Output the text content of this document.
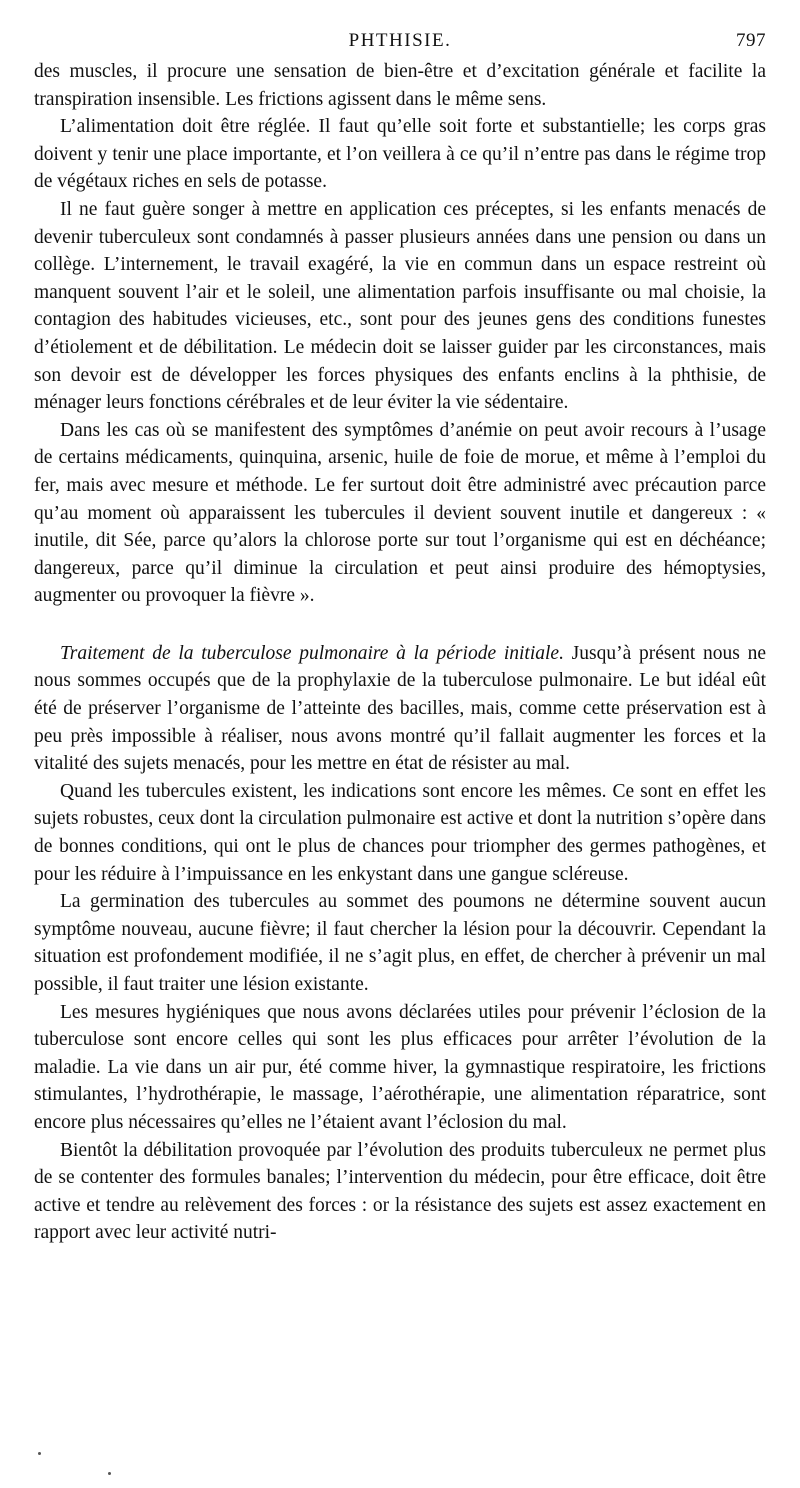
PHTHISIE.	797

des muscles, il procure une sensation de bien-être et d’excitation générale et facilite la transpiration insensible. Les frictions agissent dans le même sens.

L’alimentation doit être réglée. Il faut qu’elle soit forte et substantielle; les corps gras doivent y tenir une place importante, et l’on veillera à ce qu’il n’entre pas dans le régime trop de végétaux riches en sels de potasse.

Il ne faut guère songer à mettre en application ces préceptes, si les enfants menacés de devenir tuberculeux sont condamnés à passer plusieurs années dans une pension ou dans un collège. L’internement, le travail exagéré, la vie en commun dans un espace restreint où manquent souvent l’air et le soleil, une alimentation parfois insuffisante ou mal choisie, la contagion des habitudes vicieuses, etc., sont pour des jeunes gens des conditions funestes d’étiolement et de débilitation. Le médecin doit se laisser guider par les circonstances, mais son devoir est de développer les forces physiques des enfants enclins à la phthisie, de ménager leurs fonctions cérébrales et de leur éviter la vie sédentaire.

Dans les cas où se manifestent des symptômes d’anémie on peut avoir recours à l’usage de certains médicaments, quinquina, arsenic, huile de foie de morue, et même à l’emploi du fer, mais avec mesure et méthode. Le fer surtout doit être administré avec précaution parce qu’au moment où apparaissent les tubercules il devient souvent inutile et dangereux : « inutile, dit Sée, parce qu’alors la chlorose porte sur tout l’organisme qui est en déchéance; dangereux, parce qu’il diminue la circulation et peut ainsi produire des hémoptysies, augmenter ou provoquer la fièvre ».

Traitement de la tuberculose pulmonaire à la période initiale. Jusqu’à présent nous ne nous sommes occupés que de la prophylaxie de la tuberculose pulmonaire. Le but idéal eût été de préserver l’organisme de l’atteinte des bacilles, mais, comme cette préservation est à peu près impossible à réaliser, nous avons montré qu’il fallait augmenter les forces et la vitalité des sujets menacés, pour les mettre en état de résister au mal.

Quand les tubercules existent, les indications sont encore les mêmes. Ce sont en effet les sujets robustes, ceux dont la circulation pulmonaire est active et dont la nutrition s’opère dans de bonnes conditions, qui ont le plus de chances pour triompher des germes pathogènes, et pour les réduire à l’impuissance en les enkystant dans une gangue scléreuse.

La germination des tubercules au sommet des poumons ne détermine souvent aucun symptôme nouveau, aucune fièvre; il faut chercher la lésion pour la découvrir. Cependant la situation est profondement modifiée, il ne s’agit plus, en effet, de chercher à prévenir un mal possible, il faut traiter une lésion existante.

Les mesures hygiéniques que nous avons déclarées utiles pour prévenir l’éclosion de la tuberculose sont encore celles qui sont les plus efficaces pour arrêter l’évolution de la maladie. La vie dans un air pur, été comme hiver, la gymnastique respiratoire, les frictions stimulantes, l’hydrothérapie, le massage, l’aérothérapie, une alimentation réparatrice, sont encore plus nécessaires qu’elles ne l’étaient avant l’éclosion du mal.

Bientôt la débilitation provoquée par l’évolution des produits tuberculeux ne permet plus de se contenter des formules banales; l’intervention du médecin, pour être efficace, doit être active et tendre au relèvement des forces : or la résistance des sujets est assez exactement en rapport avec leur activité nutri-
